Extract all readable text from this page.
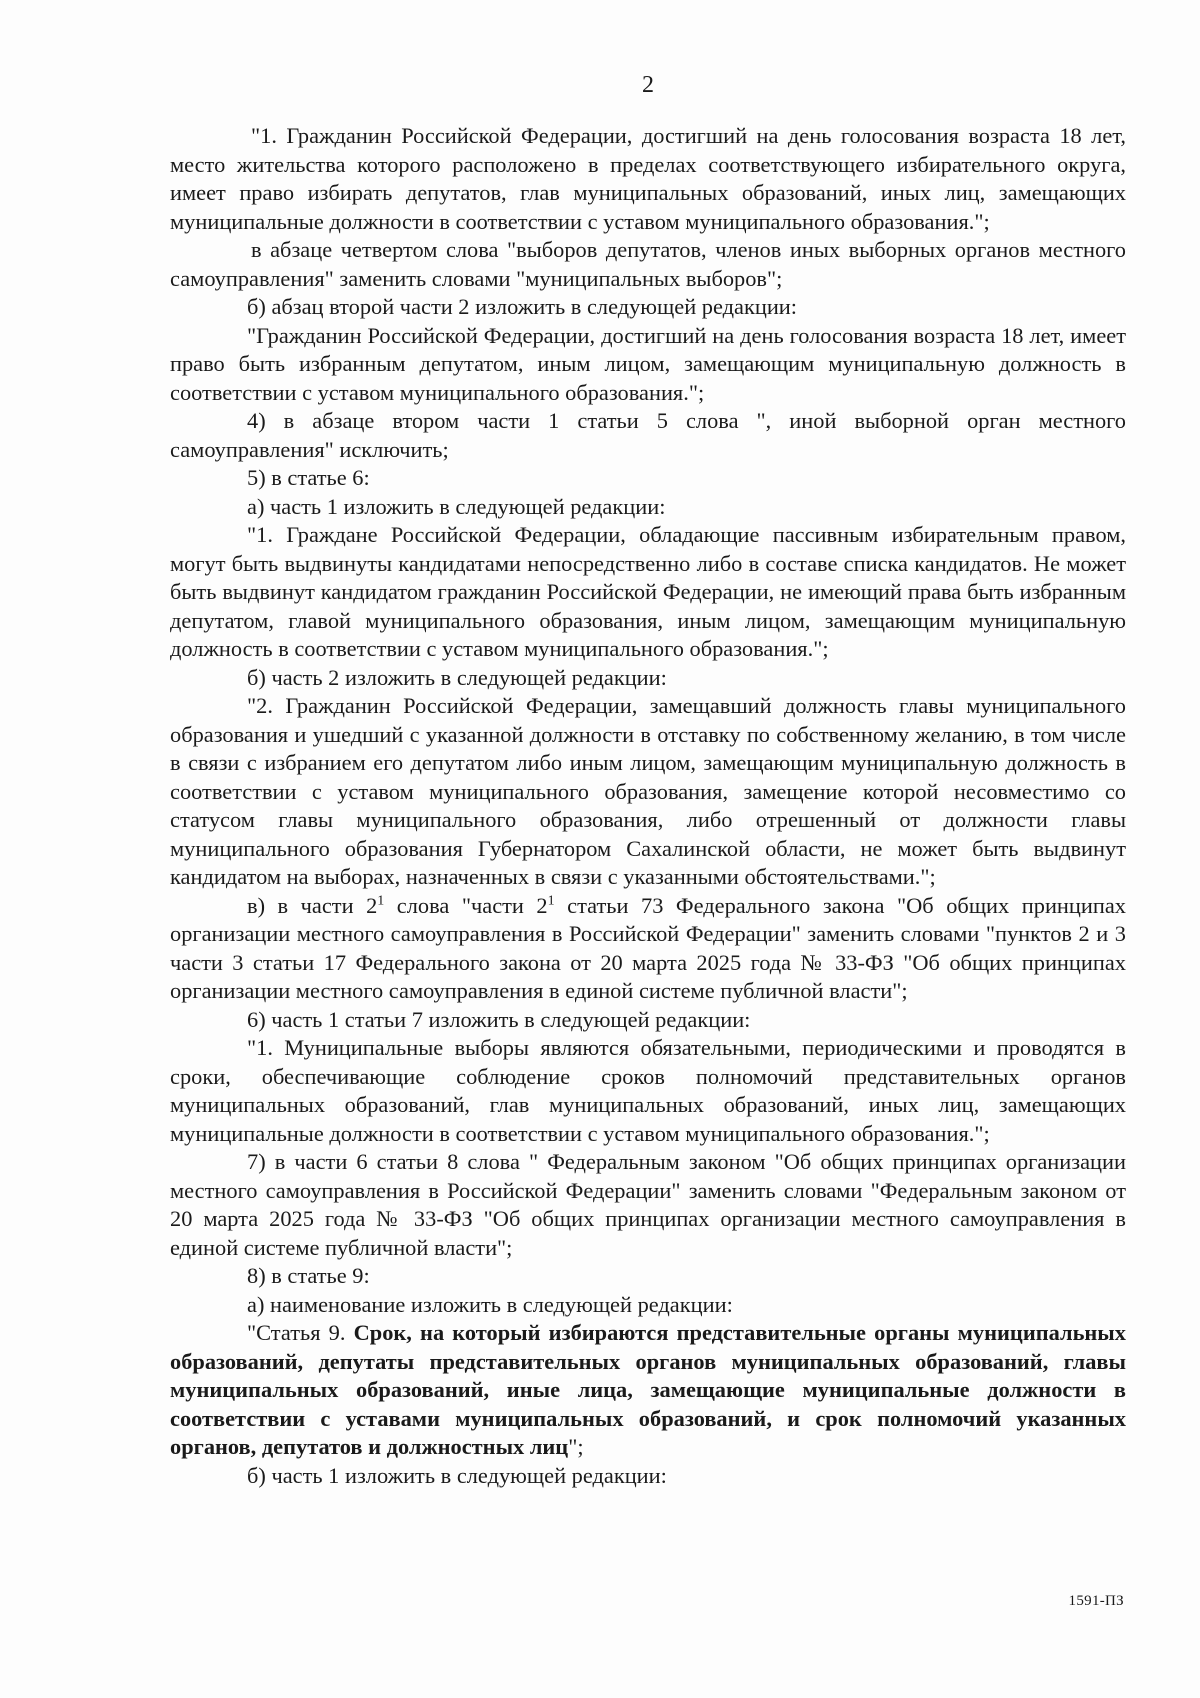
2

"1. Гражданин Российской Федерации, достигший на день голосования возраста 18 лет, место жительства которого расположено в пределах соответствующего избирательного округа, имеет право избирать депутатов, глав муниципальных образований, иных лиц, замещающих муниципальные должности в соответствии с уставом муниципального образования.";

в абзаце четвертом слова "выборов депутатов, членов иных выборных органов местного самоуправления" заменить словами "муниципальных выборов";

б) абзац второй части 2 изложить в следующей редакции:

"Гражданин Российской Федерации, достигший на день голосования возраста 18 лет, имеет право быть избранным депутатом, иным лицом, замещающим муниципальную должность в соответствии с уставом муниципального образования.";

4) в абзаце втором части 1 статьи 5 слова ", иной выборной орган местного самоуправления" исключить;

5) в статье 6:

а) часть 1 изложить в следующей редакции:

"1. Граждане Российской Федерации, обладающие пассивным избирательным правом, могут быть выдвинуты кандидатами непосредственно либо в составе списка кандидатов. Не может быть выдвинут кандидатом гражданин Российской Федерации, не имеющий права быть избранным депутатом, главой муниципального образования, иным лицом, замещающим муниципальную должность в соответствии с уставом муниципального образования.";

б) часть 2 изложить в следующей редакции:

"2. Гражданин Российской Федерации, замещавший должность главы муниципального образования и ушедший с указанной должности в отставку по собственному желанию, в том числе в связи с избранием его депутатом либо иным лицом, замещающим муниципальную должность в соответствии с уставом муниципального образования, замещение которой несовместимо со статусом главы муниципального образования, либо отрешенный от должности главы муниципального образования Губернатором Сахалинской области, не может быть выдвинут кандидатом на выборах, назначенных в связи с указанными обстоятельствами.";

в) в части $2^1$ слова "части $2^1$ статьи 73 Федерального закона "Об общих принципах организации местного самоуправления в Российской Федерации" заменить словами "пунктов 2 и 3 части 3 статьи 17 Федерального закона от 20 марта 2025 года № 33-ФЗ "Об общих принципах организации местного самоуправления в единой системе публичной власти";

6) часть 1 статьи 7 изложить в следующей редакции:

"1. Муниципальные выборы являются обязательными, периодическими и проводятся в сроки, обеспечивающие соблюдение сроков полномочий представительных органов муниципальных образований, глав муниципальных образований, иных лиц, замещающих муниципальные должности в соответствии с уставом муниципального образования.";

7) в части 6 статьи 8 слова " Федеральным законом "Об общих принципах организации местного самоуправления в Российской Федерации" заменить словами "Федеральным законом от 20 марта 2025 года № 33-ФЗ "Об общих принципах организации местного самоуправления в единой системе публичной власти";

8) в статье 9:

а) наименование изложить в следующей редакции:

"Статья 9. Срок, на который избираются представительные органы муниципальных образований, депутаты представительных органов муниципальных образований, главы муниципальных образований, иные лица, замещающие муниципальные должности в соответствии с уставами муниципальных образований, и срок полномочий указанных органов, депутатов и должностных лиц";

б) часть 1 изложить в следующей редакции:

1591-ПЗ
